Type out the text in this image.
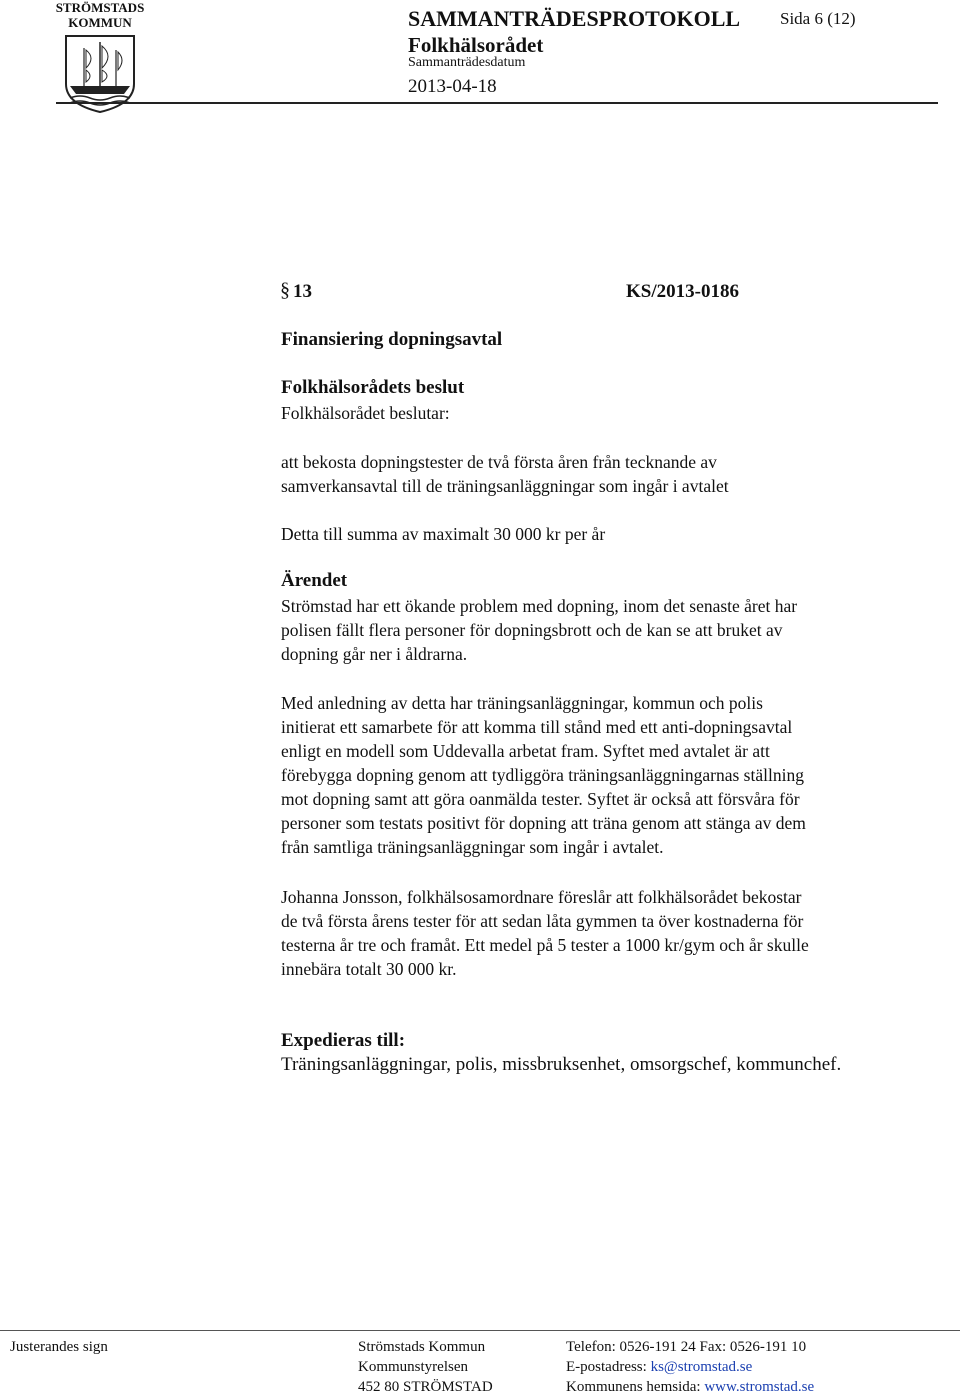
STRÖMSTADS
KOMMUN	SAMMANTRÄDESPROTOKOLL Sida 6 (12)
Folkhälsorådet
Sammanträdesdatum
2013-04-18
§ 13	KS/2013-0186
Finansiering dopningsavtal
Folkhälsorådets beslut
Folkhälsorådet beslutar:
att bekosta dopningstester de två första åren från tecknande av
samverkansavtal till de träningsanläggningar som ingår i avtalet
Detta till summa av maximalt 30 000 kr per år
Ärendet
Strömstad har ett ökande problem med dopning, inom det senaste året har
polisen fällt flera personer för dopningsbrott och de kan se att bruket av
dopning går ner i åldrarna.
Med anledning av detta har träningsanläggningar, kommun och polis
initierat ett samarbete för att komma till stånd med ett anti-dopningsavtal
enligt en modell som Uddevalla arbetat fram. Syftet med avtalet är att
förebygga dopning genom att tydliggöra träningsanläggningarnas ställning
mot dopning samt att göra oanmälda tester. Syftet är också att försvåra för
personer som testats positivt för dopning att träna genom att stänga av dem
från samtliga träningsanläggningar som ingår i avtalet.
Johanna Jonsson, folkhälsosamordnare föreslår att folkhälsorådet bekostar
de två första årens tester för att sedan låta gymmen ta över kostnaderna för
testerna år tre och framåt. Ett medel på 5 tester a 1000 kr/gym och år skulle
innebära totalt 30 000 kr.
Expedieras till:
Träningsanläggningar, polis, missbruksenhet, omsorgschef, kommunchef.
Justerandes sign	Strömstads Kommun
Kommunstyrelsen
452 80 STRÖMSTAD
Telefon: 0526-191 24 Fax: 0526-191 10
E-postadress: ks@stromstad.se
Kommunens hemsida: www.stromstad.se
